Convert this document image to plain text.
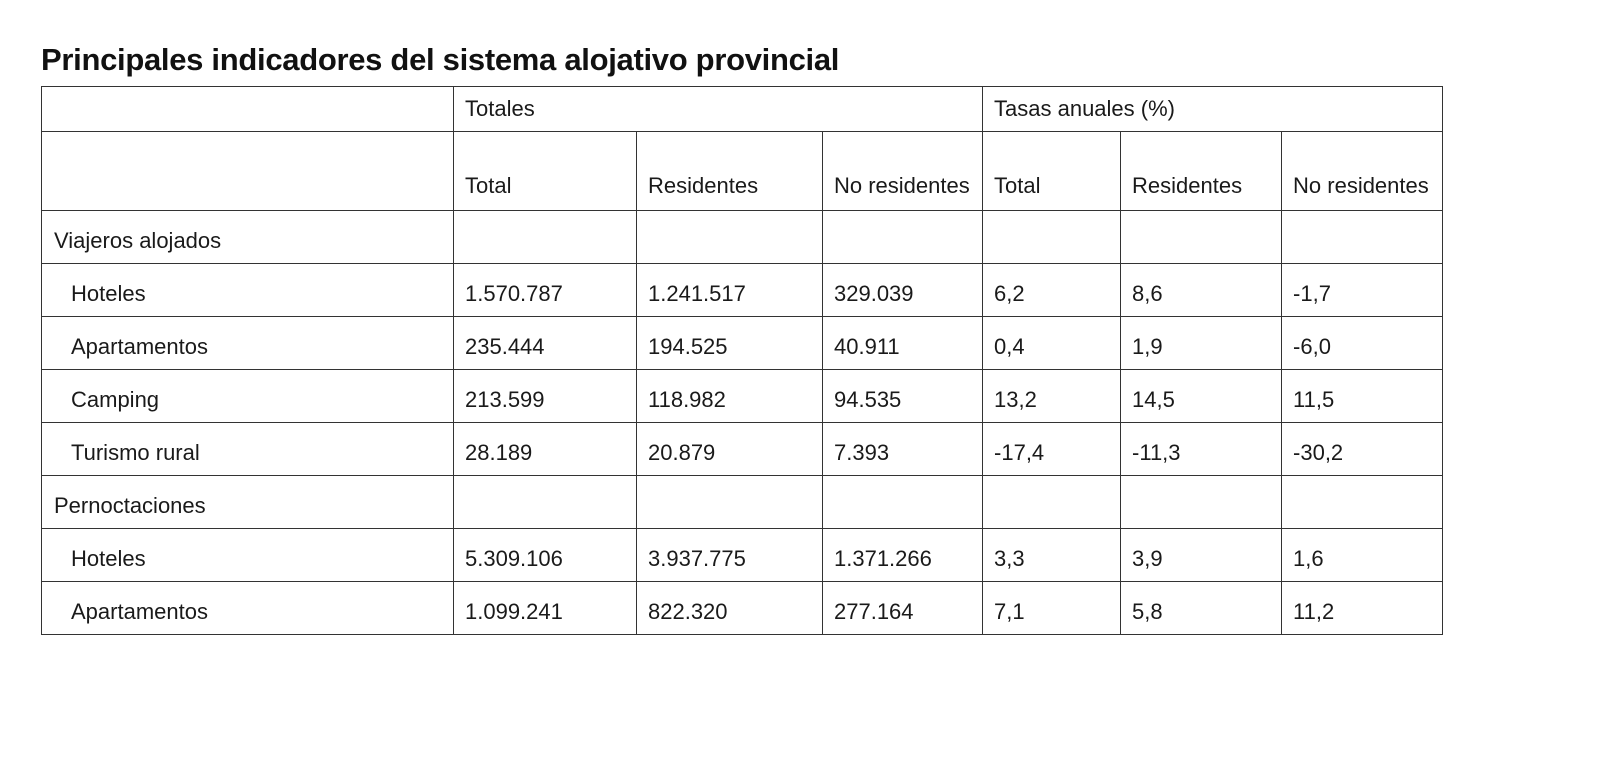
Principales indicadores del sistema alojativo provincial
	Totales			Tasas anuales (%)		
	Total	Residentes	No residentes	Total	Residentes	No residentes
Viajeros alojados						
Hoteles	1.570.787	1.241.517	329.039	6,2	8,6	-1,7
Apartamentos	235.444	194.525	40.911	0,4	1,9	-6,0
Camping	213.599	118.982	94.535	13,2	14,5	11,5
Turismo rural	28.189	20.879	7.393	-17,4	-11,3	-30,2
Pernoctaciones						
Hoteles	5.309.106	3.937.775	1.371.266	3,3	3,9	1,6
Apartamentos	1.099.241	822.320	277.164	7,1	5,8	11,2
